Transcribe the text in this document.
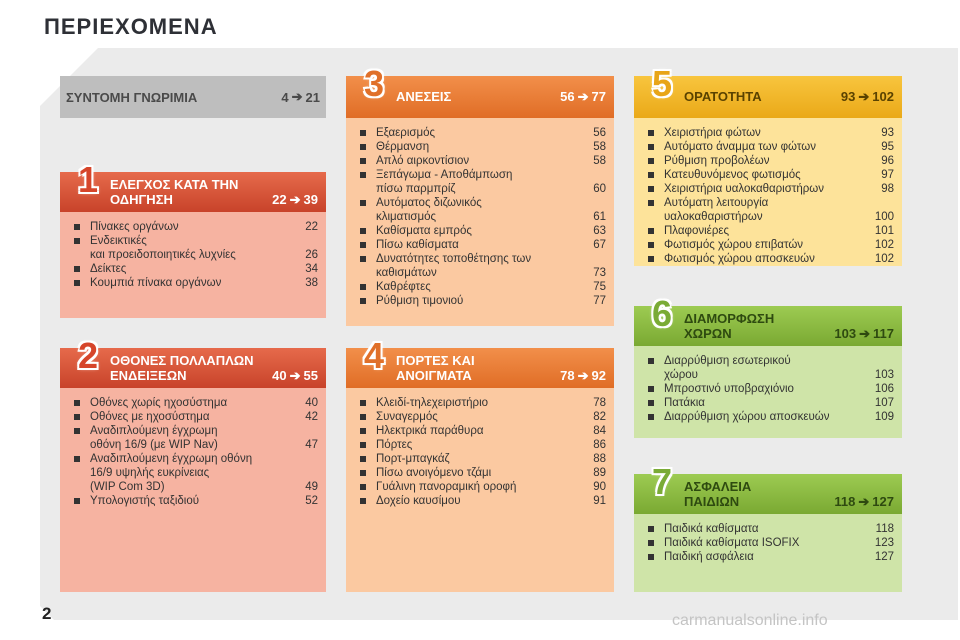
ΠΕΡΙΕΧΟΜΕΝΑ
ΣΥΝΤΟΜΗ ΓΝΩΡΙΜΙΑ	4 ➔ 21
Πίνακες οργάνων	22
Ενδεικτικές
και προειδοποιητικές λυχνίες	26
Δείκτες	34
Κουμπιά πίνακα οργάνων	38
1 ΕΛΕΓΧΟΣ ΚΑΤΑ ΤΗΝ
ΟΔΗΓΗΣΗ	22 ➔ 39
Οθόνες χωρίς ηχοσύστημα	40
Οθόνες με ηχοσύστημα	42
Αναδιπλούμενη έγχρωμη
οθόνη 16/9 (με WIP Nav)	47
Αναδιπλούμενη έγχρωμη οθόνη
16/9 υψηλής ευκρίνειας
(WIP Com 3D)	49
Υπολογιστής ταξιδιού	52
2 ΟΘΟΝΕΣ ΠΟΛΛΑΠΛΩΝ
ΕΝΔΕΙΞΕΩΝ	40 ➔ 55
Εξαερισμός	56
Θέρμανση	58
Απλό αιρκοντίσιον	58
Ξεπάγωμα - Αποθάμπωση
πίσω παρμπρίζ	60
Αυτόματος διζωνικός
κλιματισμός	61
Καθίσματα εμπρός	63
Πίσω καθίσματα	67
Δυνατότητες τοποθέτησης των
καθισμάτων	73
Καθρέφτες	75
Ρύθμιση τιμονιού	77
3 ΑΝΕΣΕΙΣ	56 ➔ 77
Κλειδί-τηλεχειριστήριο	78
Συναγερμός	82
Ηλεκτρικά παράθυρα	84
Πόρτες	86
Πορτ-μπαγκάζ	88
Πίσω ανοιγόμενο τζάμι	89
Γυάλινη πανοραμική οροφή	90
Δοχείο καυσίμου	91
4 ΠΟΡΤΕΣ ΚΑΙ
ΑΝΟΙΓΜΑΤΑ	78 ➔ 92
Χειριστήρια φώτων	93
Αυτόματο άναμμα των φώτων	95
Ρύθμιση προβολέων	96
Κατευθυνόμενος φωτισμός	97
Χειριστήρια υαλοκαθαριστήρων	98
Αυτόματη λειτουργία
υαλοκαθαριστήρων	100
Πλαφονιέρες	101
Φωτισμός χώρου επιβατών	102
Φωτισμός χώρου αποσκευών	102
5 ΟΡΑΤΟΤΗΤΑ	93 ➔ 102
Διαρρύθμιση εσωτερικού
χώρου	103
Μπροστινό υποβραχιόνιο	106
Πατάκια	107
Διαρρύθμιση χώρου αποσκευών	109
6 ΔΙΑΜΟΡΦΩΣΗ
ΧΩΡΩΝ	103 ➔ 117
Παιδικά καθίσματα	118
Παιδικά καθίσματα ISOFIX	123
Παιδική ασφάλεια	127
7 ΑΣΦΑΛΕΙΑ
ΠΑΙΔΙΩΝ	118 ➔ 127
2	carmanualsonline.info
